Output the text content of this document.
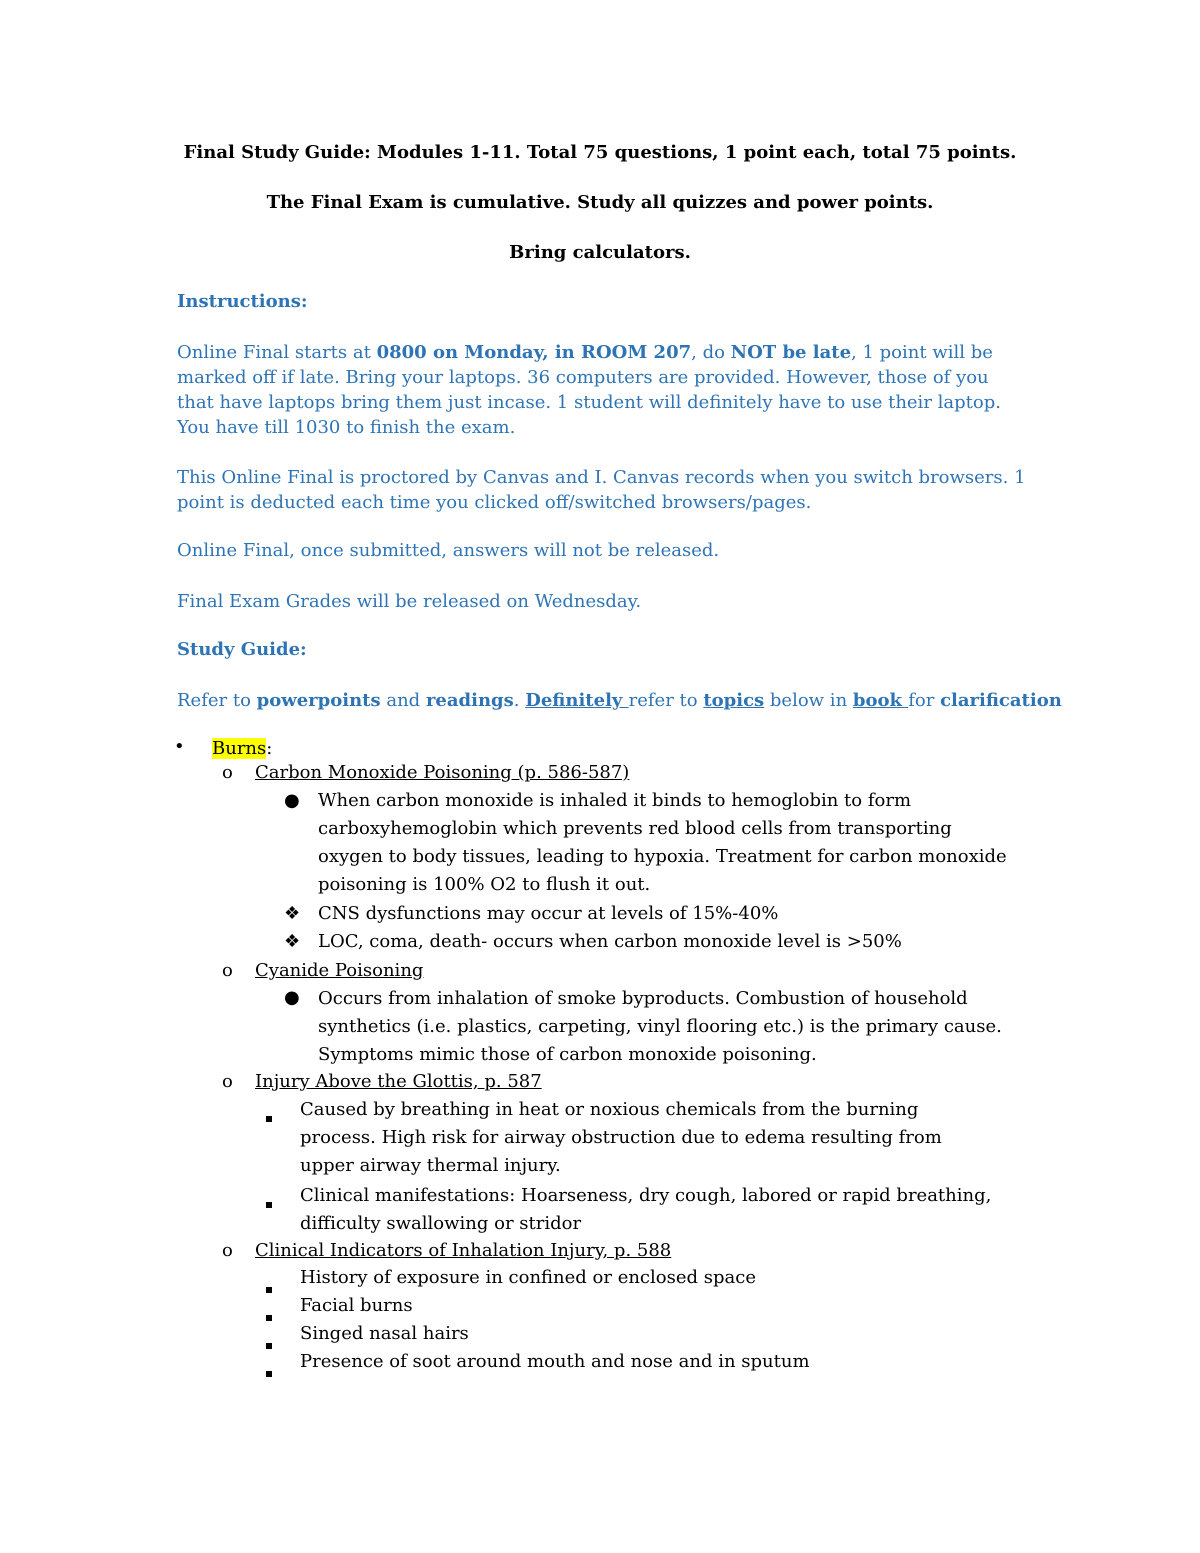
Final Study Guide: Modules 1-11. Total 75 questions, 1 point each, total 75 points.
The Final Exam is cumulative. Study all quizzes and power points.
Bring calculators.
Instructions:
Online Final starts at 0800 on Monday, in ROOM 207, do NOT be late, 1 point will be marked off if late. Bring your laptops. 36 computers are provided. However, those of you that have laptops bring them just incase. 1 student will definitely have to use their laptop. You have till 1030 to finish the exam.
This Online Final is proctored by Canvas and I. Canvas records when you switch browsers. 1 point is deducted each time you clicked off/switched browsers/pages.
Online Final, once submitted, answers will not be released.
Final Exam Grades will be released on Wednesday.
Study Guide:
Refer to powerpoints and readings. Definitely refer to topics below in book for clarification
• Burns:
o Carbon Monoxide Poisoning (p. 586-587)
● When carbon monoxide is inhaled it binds to hemoglobin to form carboxyhemoglobin which prevents red blood cells from transporting oxygen to body tissues, leading to hypoxia. Treatment for carbon monoxide poisoning is 100% O2 to flush it out.
❖ CNS dysfunctions may occur at levels of 15%-40%
❖ LOC, coma, death- occurs when carbon monoxide level is >50%
o Cyanide Poisoning
● Occurs from inhalation of smoke byproducts. Combustion of household synthetics (i.e. plastics, carpeting, vinyl flooring etc.) is the primary cause. Symptoms mimic those of carbon monoxide poisoning.
o Injury Above the Glottis, p. 587
Caused by breathing in heat or noxious chemicals from the burning process. High risk for airway obstruction due to edema resulting from upper airway thermal injury.
Clinical manifestations: Hoarseness, dry cough, labored or rapid breathing, difficulty swallowing or stridor
o Clinical Indicators of Inhalation Injury, p. 588
History of exposure in confined or enclosed space
Facial burns
Singed nasal hairs
Presence of soot around mouth and nose and in sputum
